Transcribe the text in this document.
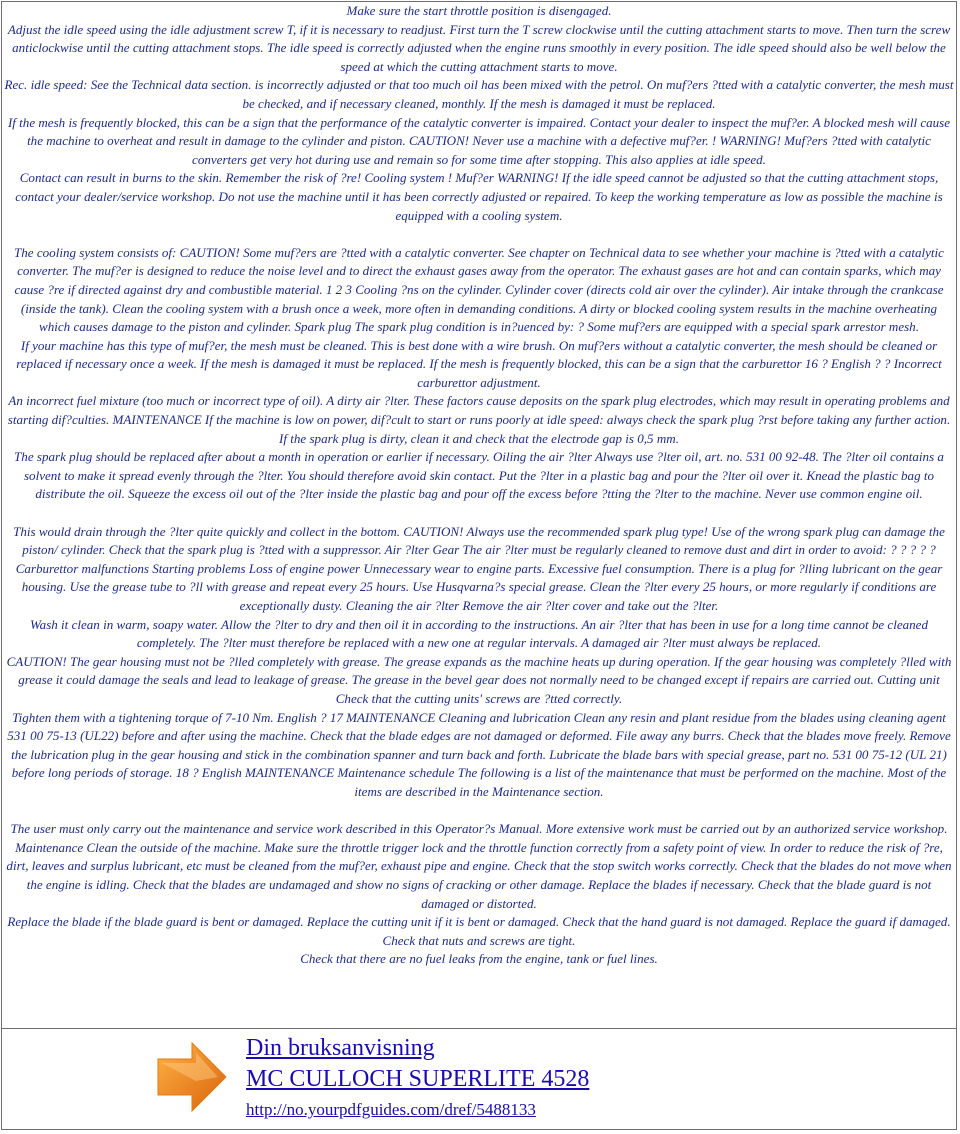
Make sure the start throttle position is disengaged.

Adjust the idle speed using the idle adjustment screw T, if it is necessary to readjust. First turn the T screw clockwise until the cutting attachment starts to move. Then turn the screw anticlockwise until the cutting attachment stops. The idle speed is correctly adjusted when the engine runs smoothly in every position. The idle speed should also be well below the speed at which the cutting attachment starts to move.

Rec. idle speed: See the Technical data section. is incorrectly adjusted or that too much oil has been mixed with the petrol. On muf?ers ?tted with a catalytic converter, the mesh must be checked, and if necessary cleaned, monthly. If the mesh is damaged it must be replaced.

If the mesh is frequently blocked, this can be a sign that the performance of the catalytic converter is impaired. Contact your dealer to inspect the muf?er. A blocked mesh will cause the machine to overheat and result in damage to the cylinder and piston. CAUTION! Never use a machine with a defective muf?er. ! WARNING! Muf?ers ?tted with catalytic converters get very hot during use and remain so for some time after stopping. This also applies at idle speed.

Contact can result in burns to the skin. Remember the risk of ?re! Cooling system ! Muf?er WARNING! If the idle speed cannot be adjusted so that the cutting attachment stops, contact your dealer/service workshop. Do not use the machine until it has been correctly adjusted or repaired. To keep the working temperature as low as possible the machine is equipped with a cooling system.

The cooling system consists of: CAUTION! Some muf?ers are ?tted with a catalytic converter. See chapter on Technical data to see whether your machine is ?tted with a catalytic converter. The muf?er is designed to reduce the noise level and to direct the exhaust gases away from the operator. The exhaust gases are hot and can contain sparks, which may cause ?re if directed against dry and combustible material. 1 2 3 Cooling ?ns on the cylinder. Cylinder cover (directs cold air over the cylinder). Air intake through the crankcase (inside the tank). Clean the cooling system with a brush once a week, more often in demanding conditions. A dirty or blocked cooling system results in the machine overheating which causes damage to the piston and cylinder. Spark plug The spark plug condition is in?uenced by: ? Some muf?ers are equipped with a special spark arrestor mesh.

If your machine has this type of muf?er, the mesh must be cleaned. This is best done with a wire brush. On muf?ers without a catalytic converter, the mesh should be cleaned or replaced if necessary once a week. If the mesh is damaged it must be replaced. If the mesh is frequently blocked, this can be a sign that the carburettor 16 ? English ? ? Incorrect carburettor adjustment.

An incorrect fuel mixture (too much or incorrect type of oil). A dirty air ?lter. These factors cause deposits on the spark plug electrodes, which may result in operating problems and starting dif?culties. MAINTENANCE If the machine is low on power, dif?cult to start or runs poorly at idle speed: always check the spark plug ?rst before taking any further action. If the spark plug is dirty, clean it and check that the electrode gap is 0,5 mm.

The spark plug should be replaced after about a month in operation or earlier if necessary. Oiling the air ?lter Always use ?lter oil, art. no. 531 00 92-48. The ?lter oil contains a solvent to make it spread evenly through the ?lter. You should therefore avoid skin contact. Put the ?lter in a plastic bag and pour the ?lter oil over it. Knead the plastic bag to distribute the oil. Squeeze the excess oil out of the ?lter inside the plastic bag and pour off the excess before ?tting the ?lter to the machine. Never use common engine oil.

This would drain through the ?lter quite quickly and collect in the bottom. CAUTION! Always use the recommended spark plug type! Use of the wrong spark plug can damage the piston/ cylinder. Check that the spark plug is ?tted with a suppressor. Air ?lter Gear The air ?lter must be regularly cleaned to remove dust and dirt in order to avoid: ? ? ? ? ? Carburettor malfunctions Starting problems Loss of engine power Unnecessary wear to engine parts. Excessive fuel consumption. There is a plug for ?lling lubricant on the gear housing. Use the grease tube to ?ll with grease and repeat every 25 hours. Use Husqvarna?s special grease. Clean the ?lter every 25 hours, or more regularly if conditions are exceptionally dusty. Cleaning the air ?lter Remove the air ?lter cover and take out the ?lter.

Wash it clean in warm, soapy water. Allow the ?lter to dry and then oil it in according to the instructions. An air ?lter that has been in use for a long time cannot be cleaned completely. The ?lter must therefore be replaced with a new one at regular intervals. A damaged air ?lter must always be replaced.

CAUTION! The gear housing must not be ?lled completely with grease. The grease expands as the machine heats up during operation. If the gear housing was completely ?lled with grease it could damage the seals and lead to leakage of grease. The grease in the bevel gear does not normally need to be changed except if repairs are carried out. Cutting unit Check that the cutting units' screws are ?tted correctly.

Tighten them with a tightening torque of 7-10 Nm. English ? 17 MAINTENANCE Cleaning and lubrication Clean any resin and plant residue from the blades using cleaning agent 531 00 75-13 (UL22) before and after using the machine. Check that the blade edges are not damaged or deformed. File away any burrs. Check that the blades move freely. Remove the lubrication plug in the gear housing and stick in the combination spanner and turn back and forth. Lubricate the blade bars with special grease, part no. 531 00 75-12 (UL 21) before long periods of storage. 18 ? English MAINTENANCE Maintenance schedule The following is a list of the maintenance that must be performed on the machine. Most of the items are described in the Maintenance section.

The user must only carry out the maintenance and service work described in this Operator?s Manual. More extensive work must be carried out by an authorized service workshop. Maintenance Clean the outside of the machine. Make sure the throttle trigger lock and the throttle function correctly from a safety point of view. In order to reduce the risk of ?re, dirt, leaves and surplus lubricant, etc must be cleaned from the muf?er, exhaust pipe and engine. Check that the stop switch works correctly. Check that the blades do not move when the engine is idling. Check that the blades are undamaged and show no signs of cracking or other damage. Replace the blades if necessary. Check that the blade guard is not damaged or distorted.

Replace the blade if the blade guard is bent or damaged. Replace the cutting unit if it is bent or damaged. Check that the hand guard is not damaged. Replace the guard if damaged. Check that nuts and screws are tight.

Check that there are no fuel leaks from the engine, tank or fuel lines.

Din bruksanvisning
MC CULLOCH SUPERLITE 4528
http://no.yourpdfguides.com/dref/5488133
